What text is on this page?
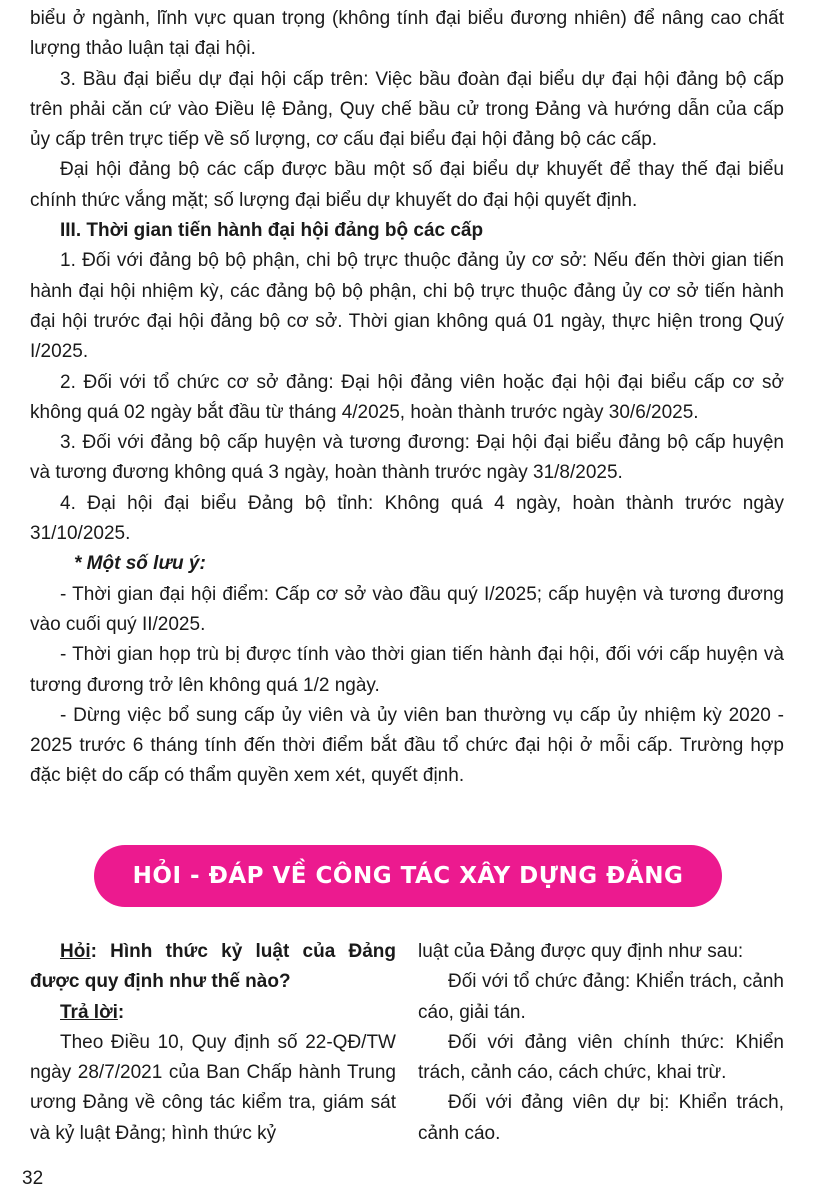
biểu ở ngành, lĩnh vực quan trọng (không tính đại biểu đương nhiên) để nâng cao chất lượng thảo luận tại đại hội.

3. Bầu đại biểu dự đại hội cấp trên: Việc bầu đoàn đại biểu dự đại hội đảng bộ cấp trên phải căn cứ vào Điều lệ Đảng, Quy chế bầu cử trong Đảng và hướng dẫn của cấp ủy cấp trên trực tiếp về số lượng, cơ cấu đại biểu đại hội đảng bộ các cấp.

Đại hội đảng bộ các cấp được bầu một số đại biểu dự khuyết để thay thế đại biểu chính thức vắng mặt; số lượng đại biểu dự khuyết do đại hội quyết định.

III. Thời gian tiến hành đại hội đảng bộ các cấp

1. Đối với đảng bộ bộ phận, chi bộ trực thuộc đảng ủy cơ sở: Nếu đến thời gian tiến hành đại hội nhiệm kỳ, các đảng bộ bộ phận, chi bộ trực thuộc đảng ủy cơ sở tiến hành đại hội trước đại hội đảng bộ cơ sở. Thời gian không quá 01 ngày, thực hiện trong Quý I/2025.

2. Đối với tổ chức cơ sở đảng: Đại hội đảng viên hoặc đại hội đại biểu cấp cơ sở không quá 02 ngày bắt đầu từ tháng 4/2025, hoàn thành trước ngày 30/6/2025.

3. Đối với đảng bộ cấp huyện và tương đương: Đại hội đại biểu đảng bộ cấp huyện và tương đương không quá 3 ngày, hoàn thành trước ngày 31/8/2025.

4. Đại hội đại biểu Đảng bộ tỉnh: Không quá 4 ngày, hoàn thành trước ngày 31/10/2025.

* Một số lưu ý:

- Thời gian đại hội điểm: Cấp cơ sở vào đầu quý I/2025; cấp huyện và tương đương vào cuối quý II/2025.

- Thời gian họp trù bị được tính vào thời gian tiến hành đại hội, đối với cấp huyện và tương đương trở lên không quá 1/2 ngày.

- Dừng việc bổ sung cấp ủy viên và ủy viên ban thường vụ cấp ủy nhiệm kỳ 2020 - 2025 trước 6 tháng tính đến thời điểm bắt đầu tổ chức đại hội ở mỗi cấp. Trường hợp đặc biệt do cấp có thẩm quyền xem xét, quyết định.

HỎI - ĐÁP VỀ CÔNG TÁC XÂY DỰNG ĐẢNG

Hỏi: Hình thức kỷ luật của Đảng được quy định như thế nào?

Trả lời:

Theo Điều 10, Quy định số 22-QĐ/TW ngày 28/7/2021 của Ban Chấp hành Trung ương Đảng về công tác kiểm tra, giám sát và kỷ luật Đảng; hình thức kỷ

luật của Đảng được quy định như sau:

Đối với tổ chức đảng: Khiển trách, cảnh cáo, giải tán.

Đối với đảng viên chính thức: Khiển trách, cảnh cáo, cách chức, khai trừ.

Đối với đảng viên dự bị: Khiển trách, cảnh cáo.

32
